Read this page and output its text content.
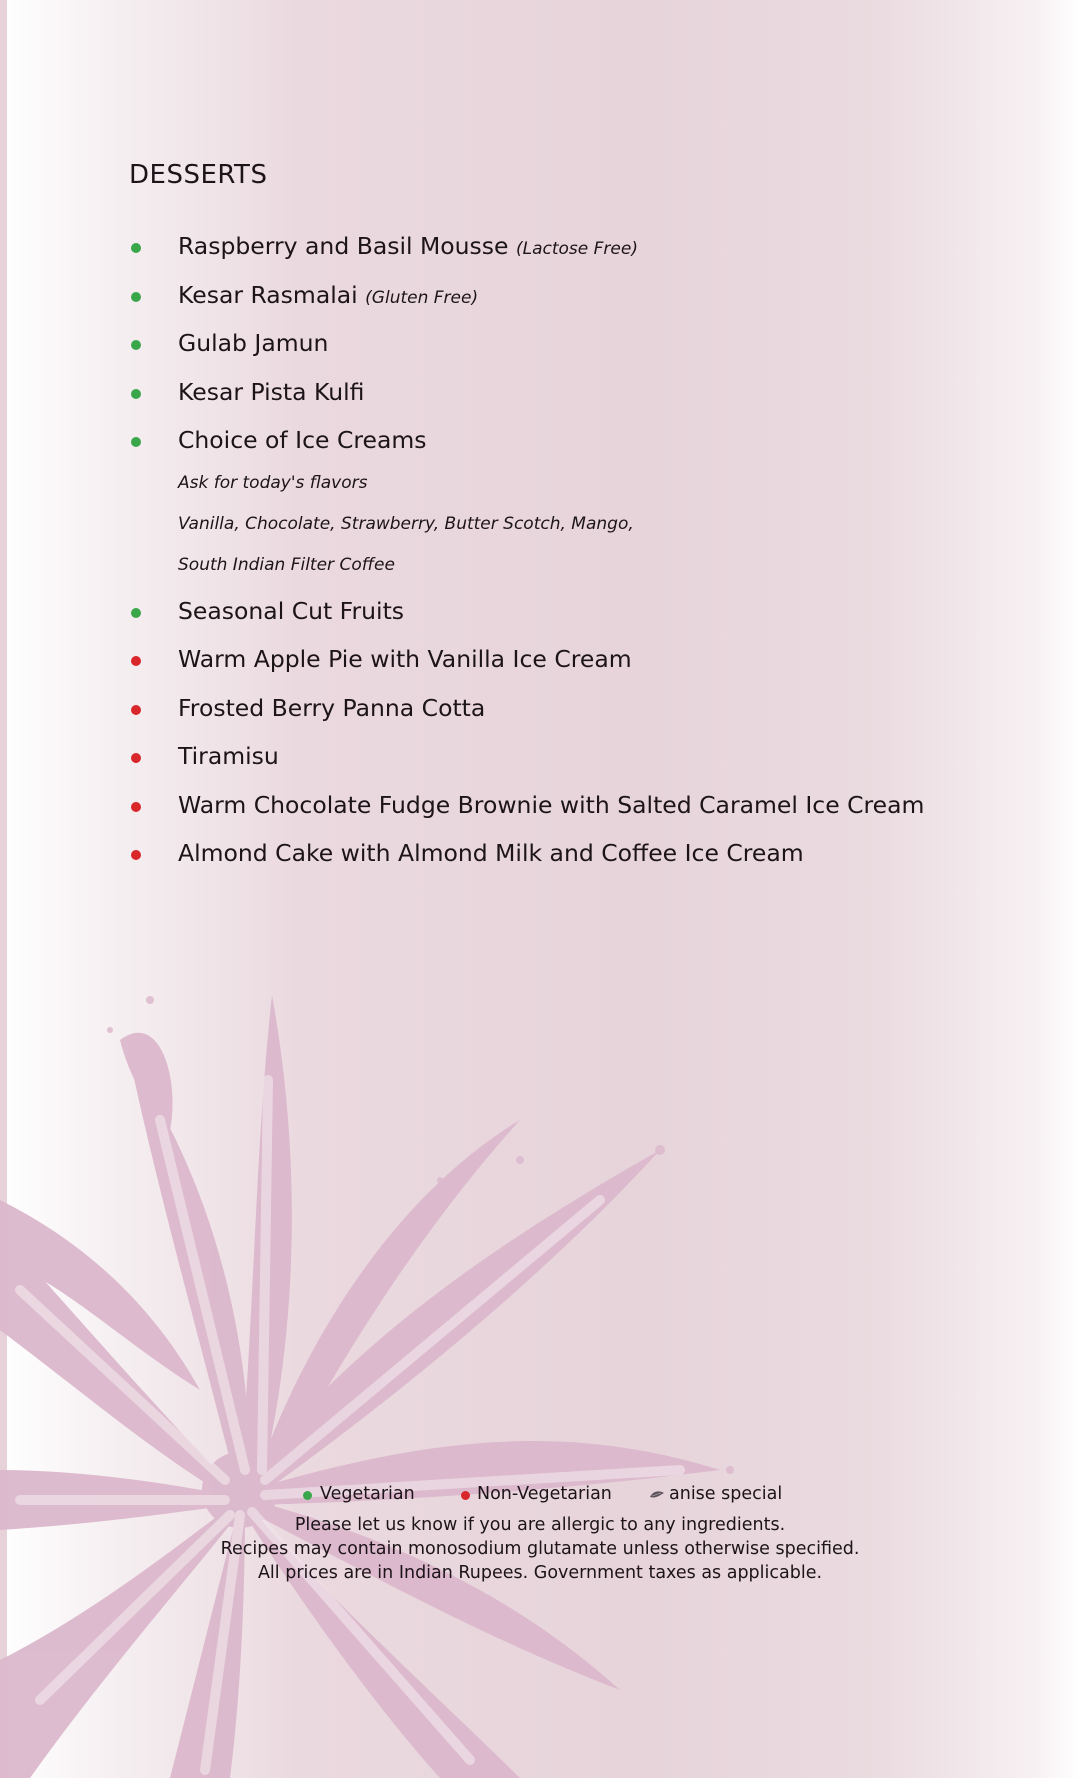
DESSERTS
Raspberry and Basil Mousse (Lactose Free)
Kesar Rasmalai (Gluten Free)
Gulab Jamun
Kesar Pista Kulfi
Choice of Ice Creams
Ask for today's flavors
Vanilla, Chocolate, Strawberry, Butter Scotch, Mango,
South Indian Filter Coffee
Seasonal Cut Fruits
Warm Apple Pie with Vanilla Ice Cream
Frosted Berry Panna Cotta
Tiramisu
Warm Chocolate Fudge Brownie with Salted Caramel Ice Cream
Almond Cake with Almond Milk and Coffee Ice Cream
Vegetarian	Non-Vegetarian	anise special
Please let us know if you are allergic to any ingredients.
Recipes may contain monosodium glutamate unless otherwise specified.
All prices are in Indian Rupees. Government taxes as applicable.
